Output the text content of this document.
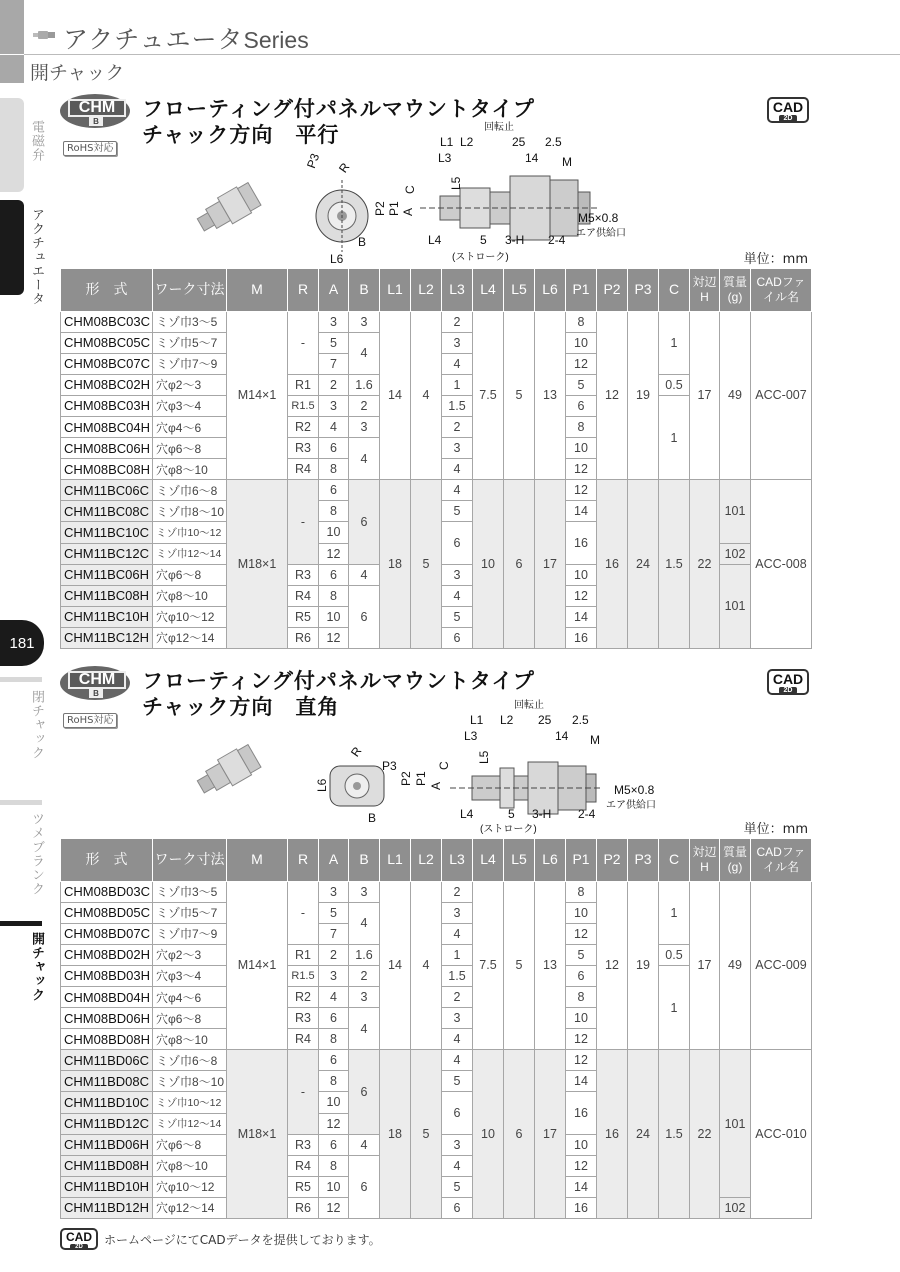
電磁弁
アクチュエータ
181
閉チャック
ツメブランク
開チャック
アクチュエータSeries
開チャック
CHM
B
RoHS対応
フローティング付パネルマウントタイプ
チャック方向　平行
CAD
2D
P3 R
B
L6
L1 L2
回転止
25 2.5
L3	14 M
C	L5
P2 P1 A	M5×0.8
エア供給口
L4	5 3-H 2-4
(ストローク)	単位：mm
形　式	ワーク寸法	M	R	A	B	L1	L2	L3	L4	L5	L6	P1	P2	P3	C	対辺H	質量(g)	CADファイル名
CHM08BC03C	ミゾ巾3～5	M14×1	-	3	3	14	4	2	7.5	5	13	8	12	19	1	17	49	ACC-007
CHM08BC05C	ミゾ巾5～7			5	4			3				10						
CHM08BC07C	ミゾ巾7～9			7				4				12						
CHM08BC02H	穴φ2～3		R1	2	1.6			1				5			0.5			
CHM08BC03H	穴φ3～4		R1.5	3	2			1.5				6			1			
CHM08BC04H	穴φ4～6		R2	4	3			2				8						
CHM08BC06H	穴φ6～8		R3	6	4			3				10						
CHM08BC08H	穴φ8～10		R4	8				4				12						
CHM11BC06C	ミゾ巾6～8	M18×1	-	6	6	18	5	4	10	6	17	12	16	24	1.5	22	101	ACC-008
CHM11BC08C	ミゾ巾8～10			8				5				14						
CHM11BC10C	ミゾ巾10～12			10				6				16						
CHM11BC12C	ミゾ巾12～14			12													102	
CHM11BC06H	穴φ6～8		R3	6	4			3				10					101	
CHM11BC08H	穴φ8～10		R4	8	6			4				12						
CHM11BC10H	穴φ10～12		R5	10				5				14						
CHM11BC12H	穴φ12～14		R6	12				6				16						
CHM
B
RoHS対応
フローティング付パネルマウントタイプ
チャック方向　直角
CAD
2D
L6
R
P3
B
L1 L2
回転止
25 2.5
L3	14 M
C
L5
P2 P1 A	M5×0.8
エア供給口
L4	5 3-H 2-4
(ストローク)	単位：mm
形　式	ワーク寸法	M	R	A	B	L1	L2	L3	L4	L5	L6	P1	P2	P3	C	対辺H	質量(g)	CADファイル名
CHM08BD03C	ミゾ巾3～5	M14×1	-	3	3	14	4	2	7.5	5	13	8	12	19	1	17	49	ACC-009
CHM08BD05C	ミゾ巾5～7			5	4			3				10						
CHM08BD07C	ミゾ巾7～9			7				4				12						
CHM08BD02H	穴φ2～3		R1	2	1.6			1				5			0.5			
CHM08BD03H	穴φ3～4		R1.5	3	2			1.5				6			1			
CHM08BD04H	穴φ4～6		R2	4	3			2				8						
CHM08BD06H	穴φ6～8		R3	6	4			3				10						
CHM08BD08H	穴φ8～10		R4	8				4				12						
CHM11BD06C	ミゾ巾6～8	M18×1	-	6	6	18	5	4	10	6	17	12	16	24	1.5	22	101	ACC-010
CHM11BD08C	ミゾ巾8～10			8				5				14						
CHM11BD10C	ミゾ巾10～12			10				6				16						
CHM11BD12C	ミゾ巾12～14			12														
CHM11BD06H	穴φ6～8		R3	6	4			3				10						
CHM11BD08H	穴φ8～10		R4	8	6			4				12						
CHM11BD10H	穴φ10～12		R5	10				5				14						
CHM11BD12H	穴φ12～14		R6	12				6				16					102	
CAD
2D
ホームページにてCADデータを提供しております。
